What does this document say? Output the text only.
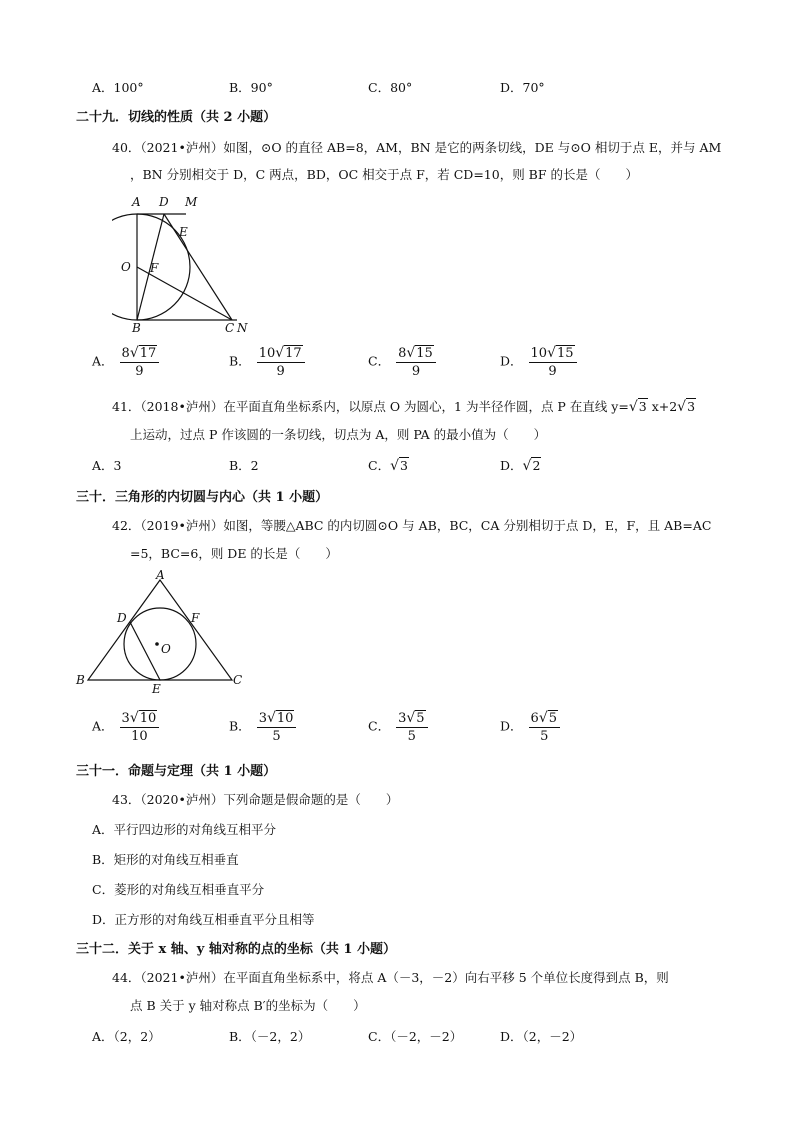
A．100°	B．90°	C．80°	D．70°
二十九．切线的性质（共 2 小题）
40．（2021•泸州）如图，⊙O 的直径 AB=8，AM，BN 是它的两条切线，DE 与⊙O 相切于点 E，并与 AM
，BN 分别相交于 D，C 两点，BD，OC 相交于点 F，若 CD=10，则 BF 的长是（　　）
A D M
E
O F
B	C N
A． $\frac{8√17}{9}$	B． $\frac{10√17}{9}$	C． $\frac{8√15}{9}$	D． $\frac{10√15}{9}$
41．（2018•泸州）在平面直角坐标系内，以原点 O 为圆心，1 为半径作圆，点 P 在直线 y=√3 x+2√3
上运动，过点 P 作该圆的一条切线，切点为 A，则 PA 的最小值为（　　）
A．3	B．2	C．√3	D．√2
三十．三角形的内切圆与内心（共 1 小题）
42．（2019•泸州）如图，等腰△ABC 的内切圆⊙O 与 AB，BC，CA 分别相切于点 D，E，F，且 AB=AC
=5，BC=6，则 DE 的长是（　　）
A
D	F
O
B
E
C
A． $\frac{3√10}{10}$	B． $\frac{3√10}{5}$	C． $\frac{3√5}{5}$	D． $\frac{6√5}{5}$
三十一．命题与定理（共 1 小题）
43．（2020•泸州）下列命题是假命题的是（　　）
A．平行四边形的对角线互相平分
B．矩形的对角线互相垂直
C．菱形的对角线互相垂直平分
D．正方形的对角线互相垂直平分且相等
三十二．关于 x 轴、y 轴对称的点的坐标（共 1 小题）
44．（2021•泸州）在平面直角坐标系中，将点 A（－3，－2）向右平移 5 个单位长度得到点 B，则
点 B 关于 y 轴对称点 B′的坐标为（　　）
A．（2，2）	B．（－2，2）	C．（－2，－2）	D．（2，－2）
